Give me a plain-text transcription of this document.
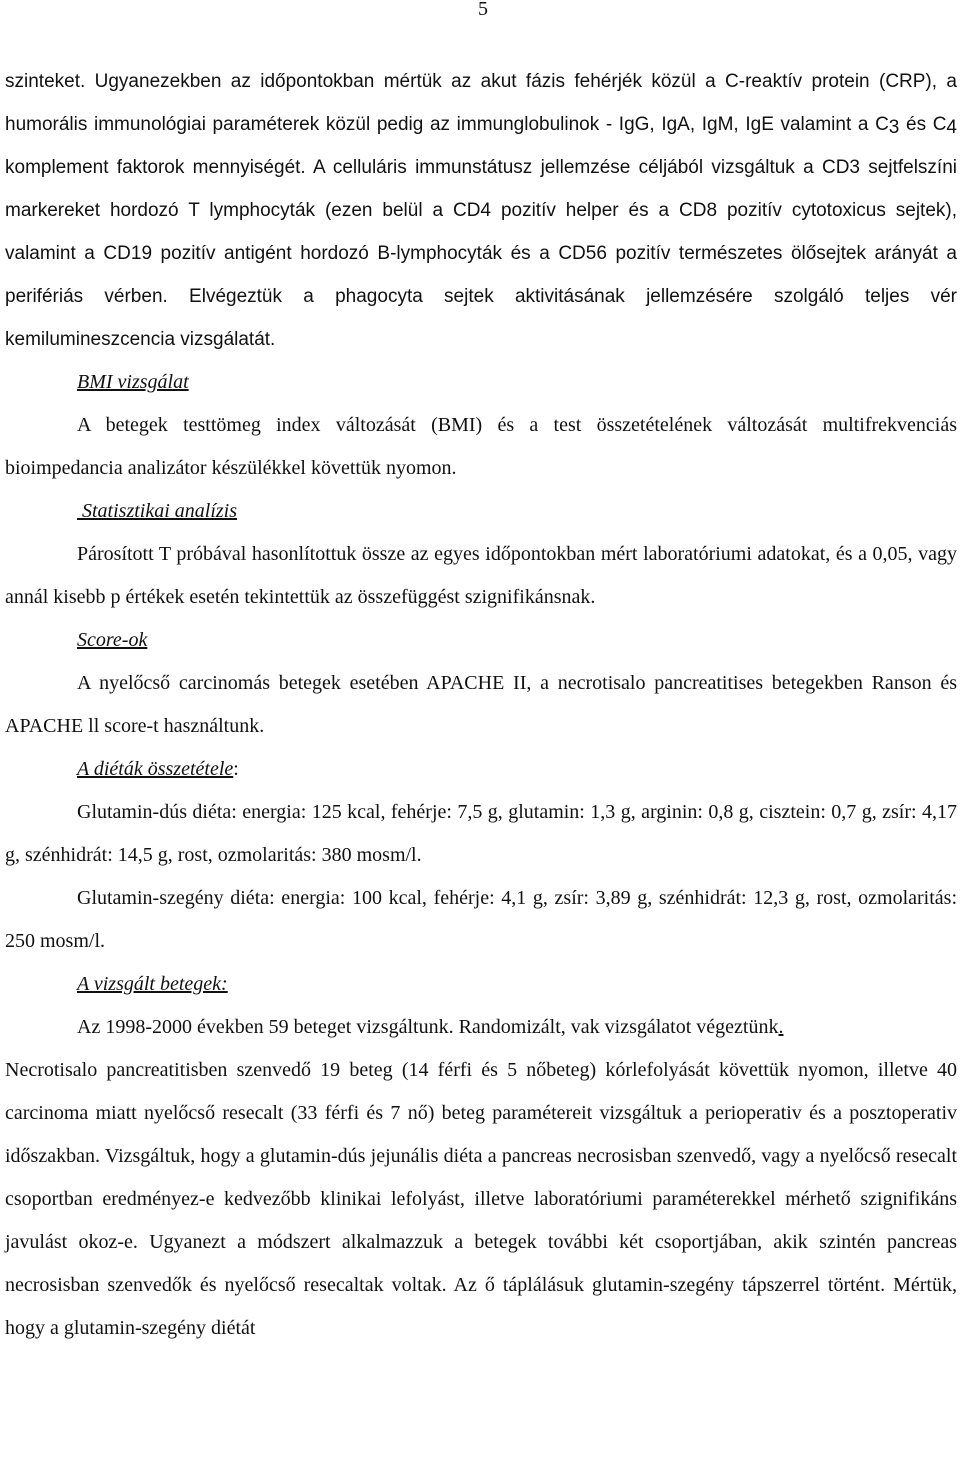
5

szinteket. Ugyanezekben az időpontokban mértük az akut fázis fehérjék közül a C-reaktív protein (CRP), a humorális immunológiai paraméterek közül pedig az immunglobulinok - IgG, IgA, IgM, IgE valamint a $C_3$ és $C_4$ komplement faktorok mennyiségét. A celluláris immunstátusz jellemzése céljából vizsgáltuk a CD3 sejtfelszíni markereket hordozó T lymphocyták (ezen belül a CD4 pozitív helper és a CD8 pozitív cytotoxicus sejtek), valamint a CD19 pozitív antigént hordozó B-lymphocyták és a CD56 pozitív természetes ölősejtek arányát a perifériás vérben. Elvégeztük a phagocyta sejtek aktivitásának jellemzésére szolgáló teljes vér kemilumineszcencia vizsgálatát.

BMI vizsgálat

A betegek testtömeg index változását (BMI) és a test összetételének változását multifrekvenciás bioimpedancia analizátor készülékkel követtük nyomon.

Statisztikai analízis

Párosított T próbával hasonlítottuk össze az egyes időpontokban mért laboratóriumi adatokat, és a 0,05, vagy annál kisebb p értékek esetén tekintettük az összefüggést szignifikánsnak.

Score-ok

A nyelőcső carcinomás betegek esetében APACHE II, a necrotisalo pancreatitises betegekben Ranson és APACHE ll score-t használtunk.

A diéták összetétele:

Glutamin-dús diéta: energia: 125 kcal, fehérje: 7,5 g, glutamin: 1,3 g, arginin: 0,8 g, cisztein: 0,7 g, zsír: 4,17 g, szénhidrát: 14,5 g, rost, ozmolaritás: 380 mosm/l.

Glutamin-szegény diéta: energia: 100 kcal, fehérje: 4,1 g, zsír: 3,89 g, szénhidrát: 12,3 g, rost, ozmolaritás: 250 mosm/l.

A vizsgált betegek:

Az 1998-2000 években 59 beteget vizsgáltunk. Randomizált, vak vizsgálatot végeztünk.

Necrotisalo pancreatitisben szenvedő 19 beteg (14 férfi és 5 nőbeteg) kórlefolyását követtük nyomon, illetve 40 carcinoma miatt nyelőcső resecalt (33 férfi és 7 nő) beteg paramétereit vizsgáltuk a perioperativ és a posztoperativ időszakban. Vizsgáltuk, hogy a glutamin-dús jejunális diéta a pancreas necrosisban szenvedő, vagy a nyelőcső resecalt csoportban eredményez-e kedvezőbb klinikai lefolyást, illetve laboratóriumi paraméterekkel mérhető szignifikáns javulást okoz-e. Ugyanezt a módszert alkalmazzuk a betegek további két csoportjában, akik szintén pancreas necrosisban szenvedők és nyelőcső resecaltak voltak. Az ő táplálásuk glutamin-szegény tápszerrel történt. Mértük, hogy a glutamin-szegény diétát
